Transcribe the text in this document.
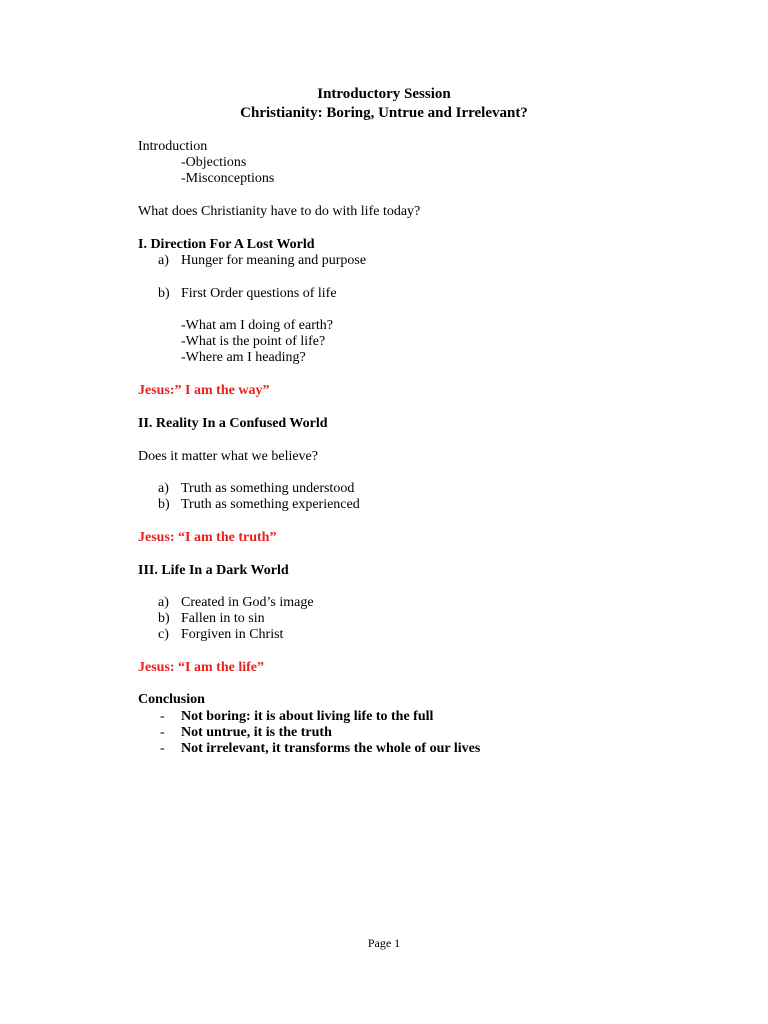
Introductory Session
Christianity: Boring, Untrue and Irrelevant?
Introduction
-Objections
-Misconceptions
What does Christianity have to do with life today?
I. Direction For A Lost World
a) Hunger for meaning and purpose
b) First Order questions of life
-What am I doing of earth?
-What is the point of life?
-Where am I heading?
Jesus:” I am the way”
II. Reality In a Confused World
Does it matter what we believe?
a) Truth as something understood
b) Truth as something experienced
Jesus: “I am the truth”
III. Life In a Dark World
a) Created in God’s image
b) Fallen in to sin
c) Forgiven in Christ
Jesus: “I am the life”
Conclusion
- Not boring: it is about living life to the full
- Not untrue, it is the truth
- Not irrelevant, it transforms the whole of our lives
Page 1
